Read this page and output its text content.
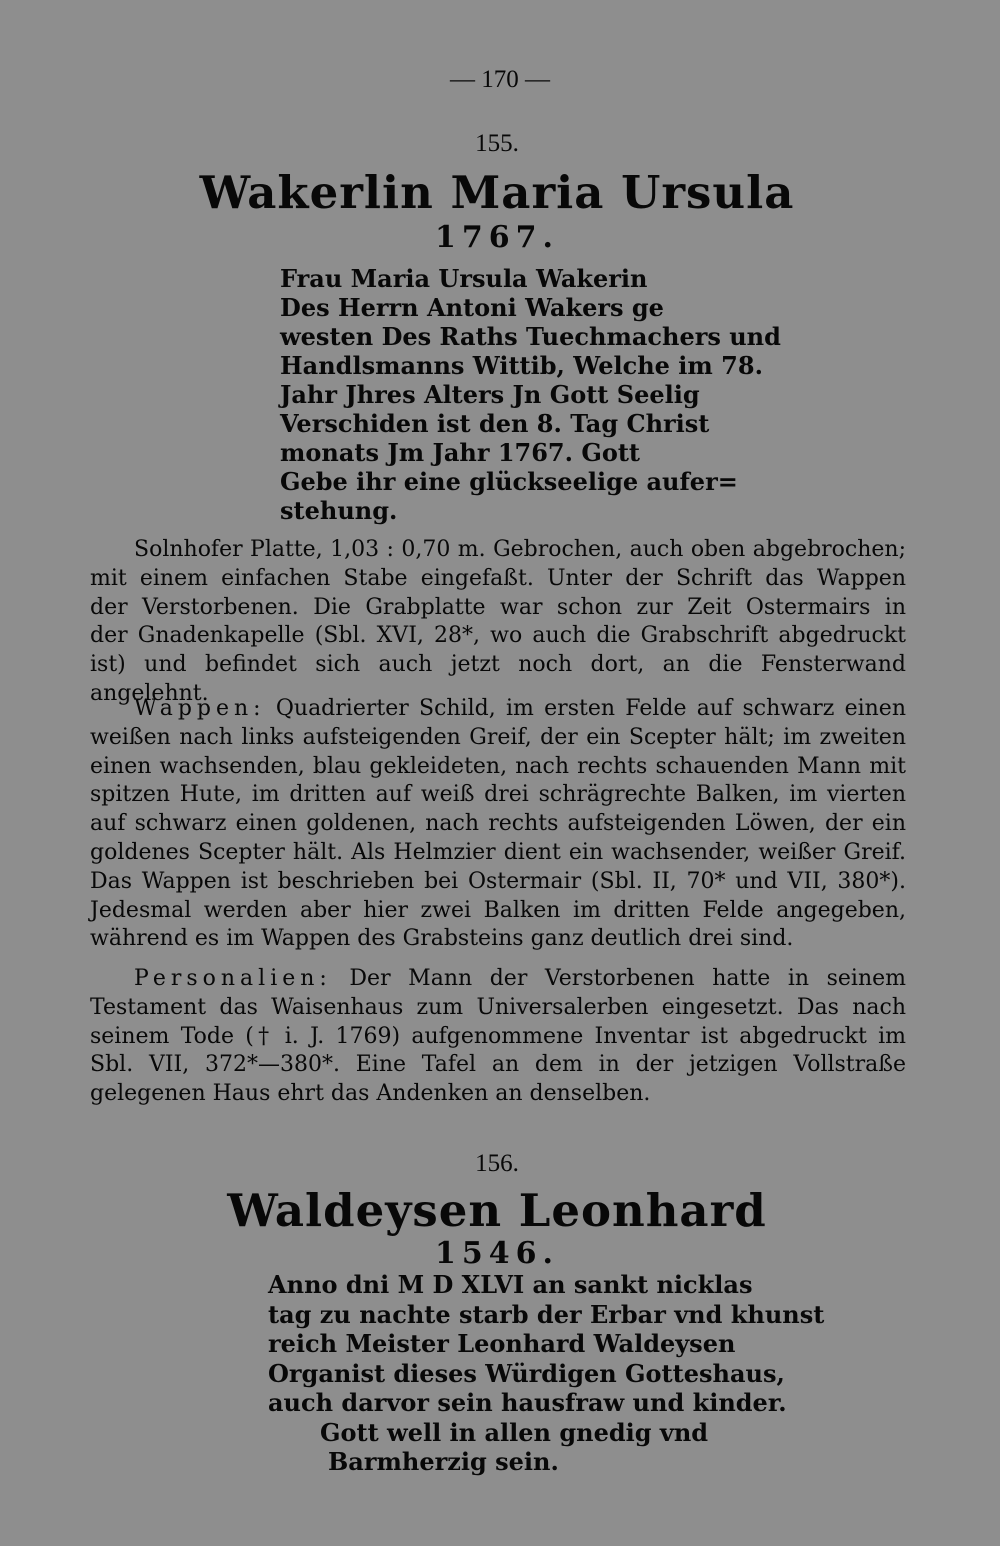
— 170 —
155.
Wakerlin Maria Ursula
1767.
Frau Maria Ursula Wakerin
Des Herrn Antoni Wakers ge
westen Des Raths Tuechmachers und
Handlsmanns Wittib, Welche im 78.
Jahr Jhres Alters Jn Gott Seelig
Verschiden ist den 8. Tag Christ
monats Jm Jahr 1767. Gott
Gebe ihr eine glückseelige aufer=
stehung.
Solnhofer Platte, 1,03 : 0,70 m. Gebrochen, auch oben abgebrochen;
mit einem einfachen Stabe eingefaßt. Unter der Schrift das Wappen
der Verstorbenen. Die Grabplatte war schon zur Zeit Ostermairs in
der Gnadenkapelle (Sbl. XVI, 28*, wo auch die Grabschrift abgedruckt
ist) und befindet sich auch jetzt noch dort, an die Fensterwand angelehnt.
Wappen: Quadrierter Schild, im ersten Felde auf schwarz einen
weißen nach links aufsteigenden Greif, der ein Scepter hält; im zweiten
einen wachsenden, blau gekleideten, nach rechts schauenden Mann mit
spitzen Hute, im dritten auf weiß drei schrägrechte Balken, im vierten
auf schwarz einen goldenen, nach rechts aufsteigenden Löwen, der ein
goldenes Scepter hält. Als Helmzier dient ein wachsender, weißer Greif.
Das Wappen ist beschrieben bei Ostermair (Sbl. II, 70* und VII, 380*).
Jedesmal werden aber hier zwei Balken im dritten Felde angegeben,
während es im Wappen des Grabsteins ganz deutlich drei sind.
Personalien: Der Mann der Verstorbenen hatte in seinem
Testament das Waisenhaus zum Universalerben eingesetzt. Das nach
seinem Tode († i. J. 1769) aufgenommene Inventar ist abgedruckt im
Sbl. VII, 372*—380*. Eine Tafel an dem in der jetzigen Vollstraße
gelegenen Haus ehrt das Andenken an denselben.
156.
Waldeysen Leonhard
1546.
Anno dni M D XLVI an sankt nicklas
tag zu nachte starb der Erbar vnd khunst
reich Meister Leonhard Waldeysen
Organist dieses Würdigen Gotteshaus,
auch darvor sein hausfraw und kinder.
Gott well in allen gnedig vnd
Barmherzig sein.
